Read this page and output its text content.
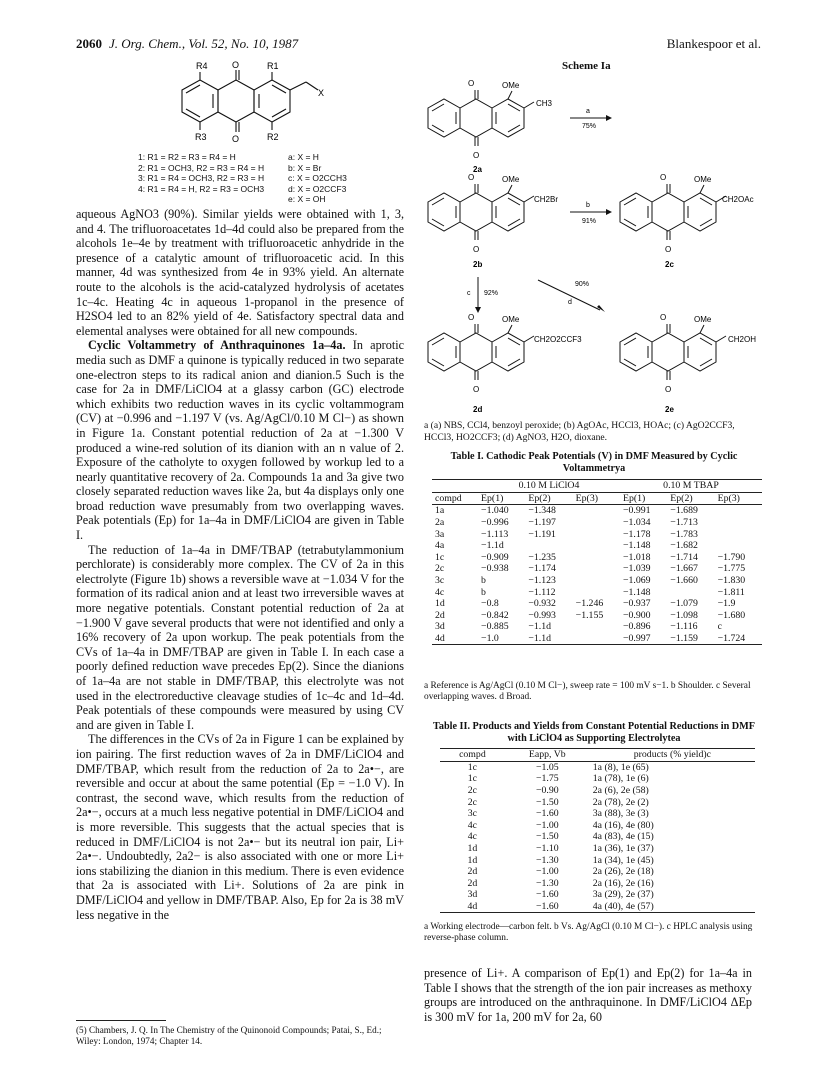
2060 J. Org. Chem., Vol. 52, No. 10, 1987	Blankespoor et al.
R4	O	R1
X
R3	O	R2
1: R1 = R2 = R3 = R4 = H	a: X = H
2: R1 = OCH3, R2 = R3 = R4 = H	b: X = Br
3: R1 = R4 = OCH3, R2 = R3 = H	c: X = O2CCH3
4: R1 = R4 = H, R2 = R3 = OCH3	d: X = O2CCF3
e: X = OH

aqueous AgNO3 (90%). Similar yields were obtained with 1, 3, and 4. The trifluoroacetates 1d–4d could also be prepared from the alcohols 1e–4e by treatment with trifluoroacetic anhydride in the presence of a catalytic amount of trifluoroacetic acid. In this manner, 4d was synthesized from 4e in 93% yield. An alternate route to the alcohols is the acid-catalyzed hydrolysis of acetates 1c–4c. Heating 4c in aqueous 1-propanol in the presence of H2SO4 led to an 82% yield of 4e. Satisfactory spectral data and elemental analyses were obtained for all new compounds.

Cyclic Voltammetry of Anthraquinones 1a–4a. In aprotic media such as DMF a quinone is typically reduced in two separate one-electron steps to its radical anion and dianion.5 Such is the case for 2a in DMF/LiClO4 at a glassy carbon (GC) electrode which exhibits two reduction waves in its cyclic voltammogram (CV) at −0.996 and −1.197 V (vs. Ag/AgCl/0.10 M Cl−) as shown in Figure 1a. Constant potential reduction of 2a at −1.300 V produced a wine-red solution of its dianion with an n value of 2. Exposure of the catholyte to oxygen followed by workup led to a nearly quantitative recovery of 2a. Compounds 1a and 3a give two closely separated reduction waves like 2a, but 4a displays only one broad reduction wave presumably from two overlapping waves. Peak potentials (Ep) for 1a–4a in DMF/LiClO4 are given in Table I.

The reduction of 1a–4a in DMF/TBAP (tetrabutylammonium perchlorate) is considerably more complex. The CV of 2a in this electrolyte (Figure 1b) shows a reversible wave at −1.034 V for the formation of its radical anion and at least two irreversible waves at more negative potentials. Constant potential reduction of 2a at −1.900 V gave several products that were not identified and only a 16% recovery of 2a upon workup. The peak potentials from the CVs of 1a–4a in DMF/TBAP are given in Table I. In each case a poorly defined reduction wave precedes Ep(2). Since the dianions of 1a–4a are not stable in DMF/TBAP, this electrolyte was not used in the electroreductive cleavage studies of 1c–4c and 1d–4d. Peak potentials of these compounds were measured by using CV and are given in Table I.

The differences in the CVs of 2a in Figure 1 can be explained by ion pairing. The first reduction waves of 2a in DMF/LiClO4 and DMF/TBAP, which result from the reduction of 2a to 2a•−, are reversible and occur at about the same potential (Ep = −1.0 V). In contrast, the second wave, which results from the reduction of 2a•−, occurs at a much less negative potential in DMF/LiClO4 and is more reversible. This suggests that the actual species that is reduced in DMF/LiClO4 is not 2a•− but its neutral ion pair, Li+ 2a•−. Undoubtedly, 2a2− is also associated with one or more Li+ ions stabilizing the dianion in this medium. There is even evidence that 2a is associated with Li+. Solutions of 2a are pink in DMF/LiClO4 and yellow in DMF/TBAP. Also, Ep for 2a is 38 mV less negative in the

(5) Chambers, J. Q. In The Chemistry of the Quinonoid Compounds; Patai, S., Ed.; Wiley: London, 1974; Chapter 14.
Scheme Ia
O	OMe
CH3
a
75%
O
2a
O	OMe
CH2Br
b
91%
O
2b
O	OMe
CH2OAc
O
2c
c 92%
90%
d
O	OMe
CH2O2CCF3
O
2d
O	OMe
CH2OH
O
2e
a (a) NBS, CCl4, benzoyl peroxide; (b) AgOAc, HCCl3, HOAc; (c) AgO2CCF3, HCCl3, HO2CCF3; (d) AgNO3, H2O, dioxane.
Table I. Cathodic Peak Potentials (V) in DMF Measured by Cyclic Voltammetrya
	0.10 M LiClO4			0.10 M TBAP		
compd	Ep(1)	Ep(2)	Ep(3)	Ep(1)	Ep(2)	Ep(3)
1a	−1.040	−1.348		−0.991	−1.689	
2a	−0.996	−1.197		−1.034	−1.713	
3a	−1.113	−1.191		−1.178	−1.783	
4a	−1.1d			−1.148	−1.682	
1c	−0.909	−1.235		−1.018	−1.714	−1.790
2c	−0.938	−1.174		−1.039	−1.667	−1.775
3c	b	−1.123		−1.069	−1.660	−1.830
4c	b	−1.112		−1.148		−1.811
1d	−0.8	−0.932	−1.246	−0.937	−1.079	−1.9
2d	−0.842	−0.993	−1.155	−0.900	−1.098	−1.680
3d	−0.885	−1.1d		−0.896	−1.116	c
4d	−1.0	−1.1d		−0.997	−1.159	−1.724
a Reference is Ag/AgCl (0.10 M Cl−), sweep rate = 100 mV s−1. b Shoulder. c Several overlapping waves. d Broad.
Table II. Products and Yields from Constant Potential Reductions in DMF with LiClO4 as Supporting Electrolytea
compd	Eapp, Vb	products (% yield)c
1c	−1.05	1a (8), 1e (65)
1c	−1.75	1a (78), 1e (6)
2c	−0.90	2a (6), 2e (58)
2c	−1.50	2a (78), 2e (2)
3c	−1.60	3a (88), 3e (3)
4c	−1.00	4a (16), 4e (80)
4c	−1.50	4a (83), 4e (15)
1d	−1.10	1a (36), 1e (37)
1d	−1.30	1a (34), 1e (45)
2d	−1.00	2a (26), 2e (18)
2d	−1.30	2a (16), 2e (16)
3d	−1.60	3a (29), 2e (37)
4d	−1.60	4a (40), 4e (57)
a Working electrode—carbon felt. b Vs. Ag/AgCl (0.10 M Cl−). c HPLC analysis using reverse-phase column.

presence of Li+. A comparison of Ep(1) and Ep(2) for 1a–4a in Table I shows that the strength of the ion pair increases as methoxy groups are introduced on the anthraquinone. In DMF/LiClO4 ΔEp is 300 mV for 1a, 200 mV for 2a, 60
